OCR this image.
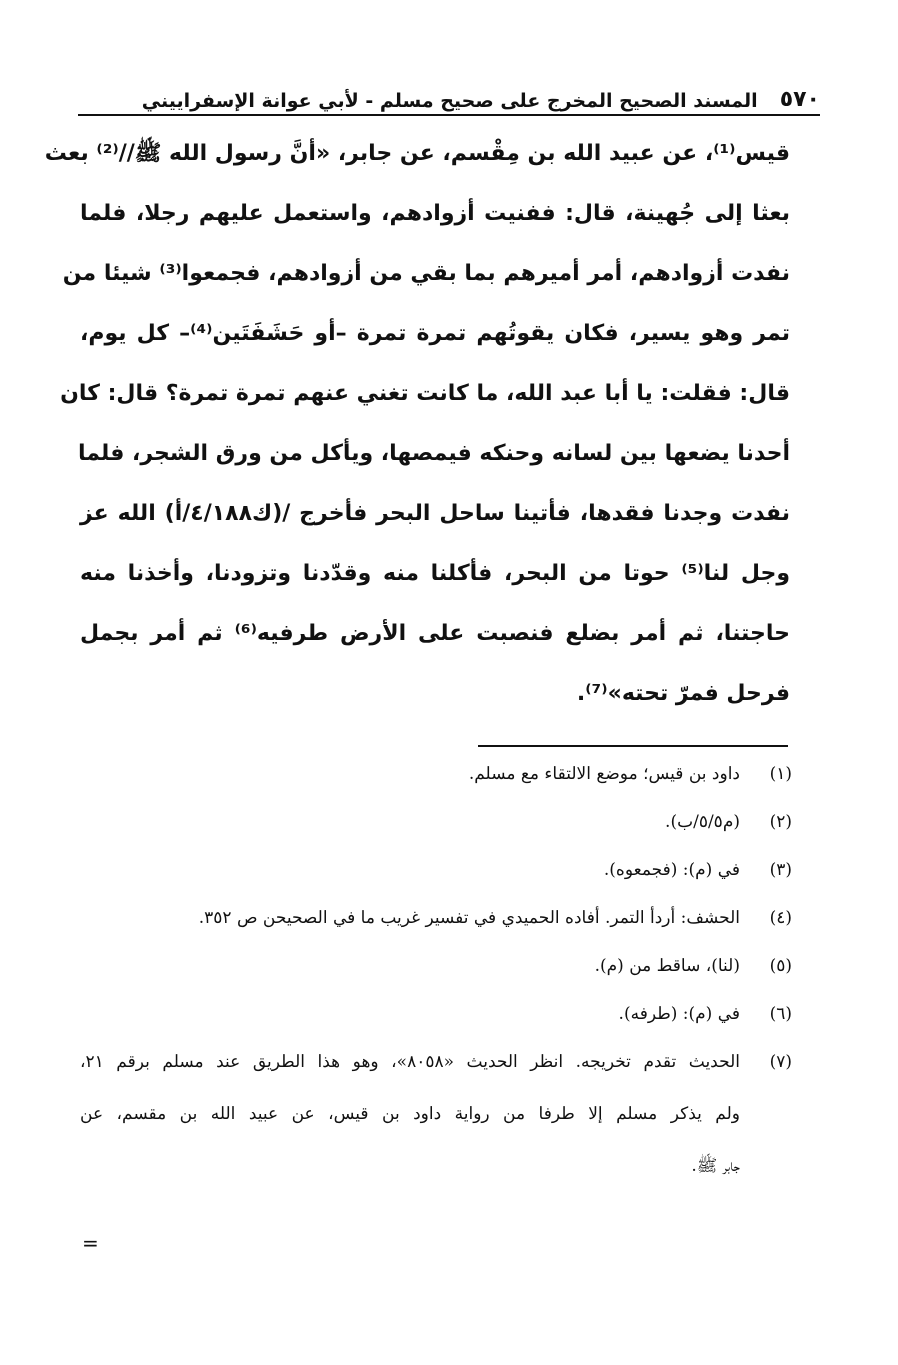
٥٧٠
المسند الصحيح المخرج على صحيح مسلم - لأبي عوانة الإسفراييني
قيس⁽¹⁾، عن عبيد الله بن مِقْسم، عن جابر، «أنَّ رسول الله ﷺ//⁽²⁾ بعث
بعثا إلى جُهينة، قال: ففنيت أزوادهم، واستعمل عليهم رجلا، فلما
نفدت أزوادهم، أمر أميرهم بما بقي من أزوادهم، فجمعوا⁽³⁾ شيئا من
تمر وهو يسير، فكان يقوتُهم تمرة تمرة –أو حَشَفَتَين⁽⁴⁾– كل يوم،
قال: فقلت: يا أبا عبد الله، ما كانت تغني عنهم تمرة تمرة؟ قال: كان
أحدنا يضعها بين لسانه وحنكه فيمصها، ويأكل من ورق الشجر، فلما
نفدت وجدنا فقدها، فأتينا ساحل البحر فأخرج /(ك٤/١٨٨/أ) الله عز
وجل لنا⁽⁵⁾ حوتا من البحر، فأكلنا منه وقدّدنا وتزودنا، وأخذنا منه
حاجتنا، ثم أمر بضلع فنصبت على الأرض طرفيه⁽⁶⁾ ثم أمر بجمل
فرحل فمرّ تحته»⁽⁷⁾.
(١)
داود بن قيس؛ موضع الالتقاء مع مسلم.
(٢)
(م٥/٥/ب).
(٣)
في (م): (فجمعوه).
(٤)
الحشف: أردأ التمر. أفاده الحميدي في تفسير غريب ما في الصحيحن ص ٣٥٢.
(٥)
(لنا)، ساقط من (م).
(٦)
في (م): (طرفه).
(٧)
الحديث تقدم تخريجه. انظر الحديث «٨٠٥٨»، وهو هذا الطريق عند مسلم برقم ٢١،
ولم يذكر مسلم إلا طرفا من رواية داود بن قيس، عن عبيد الله بن مقسم، عن
جابر ﷺ.
=
